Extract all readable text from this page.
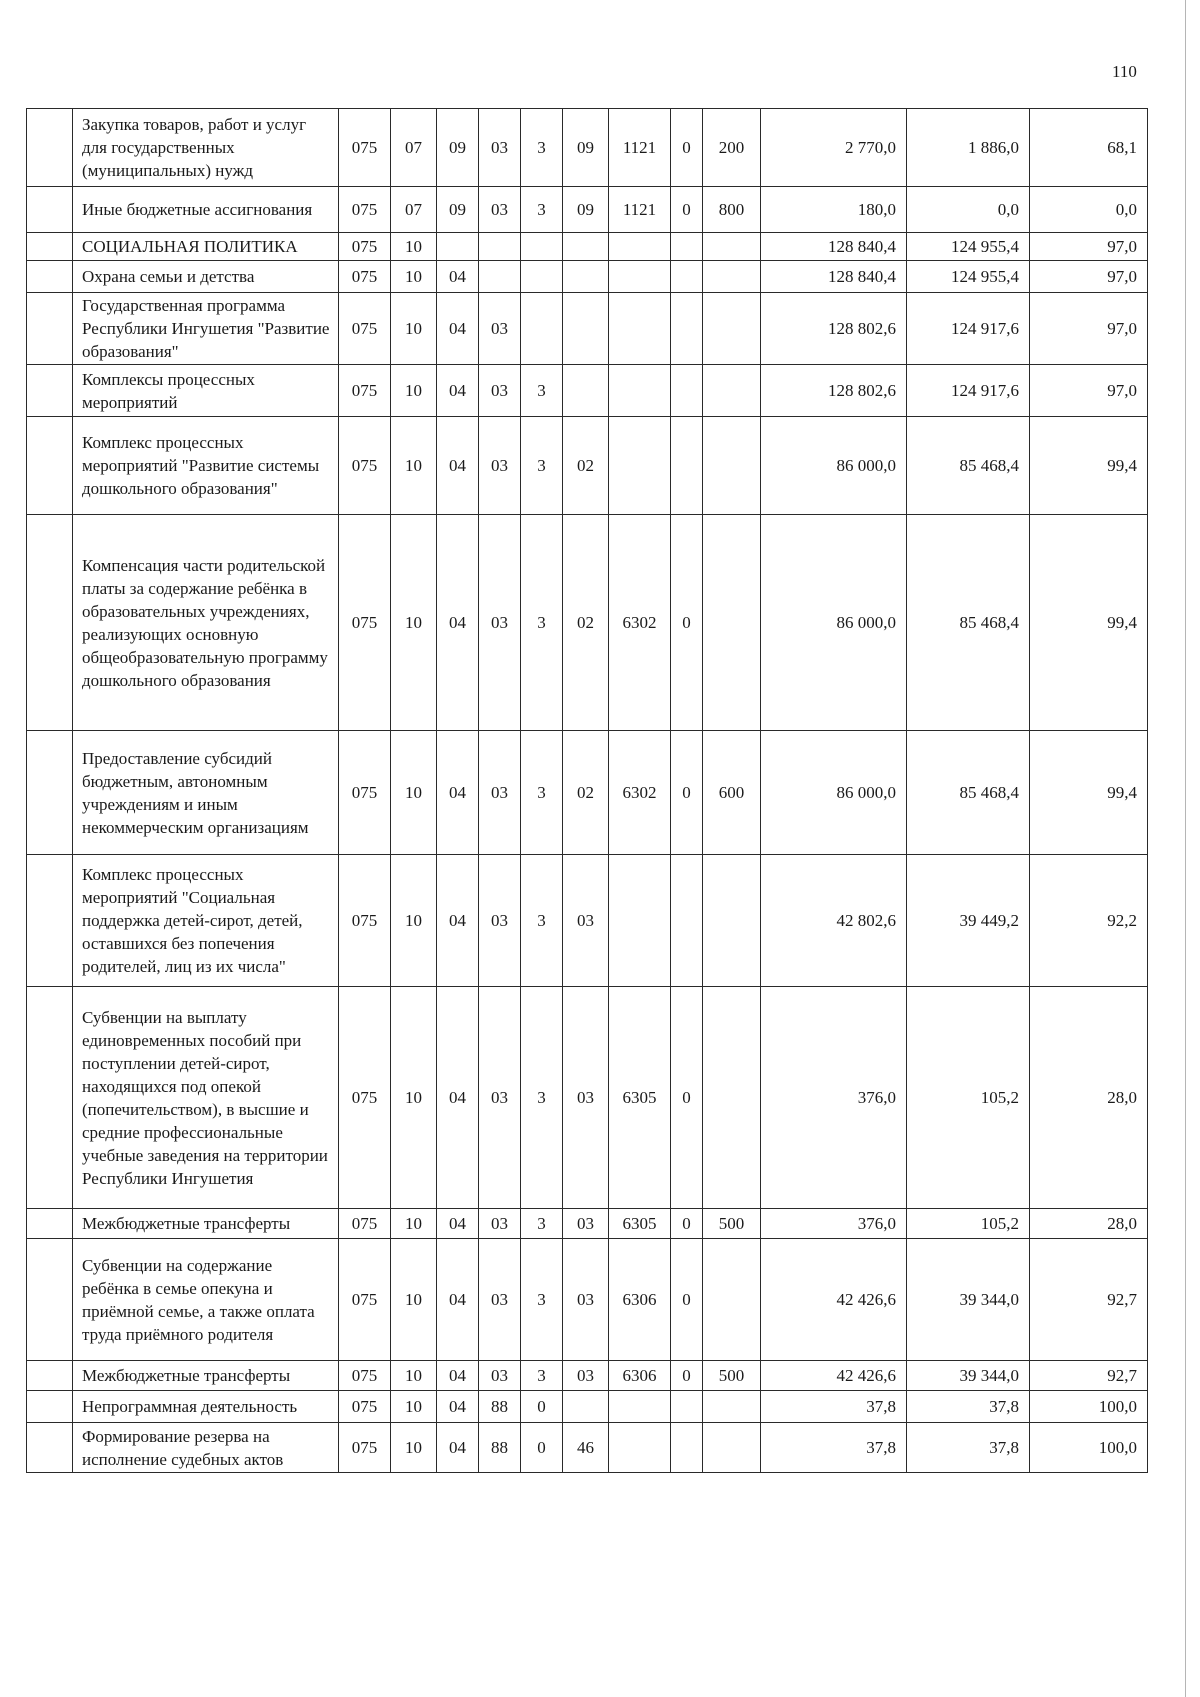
110
	Закупка товаров, работ и услуг для государственных (муниципальных) нужд	075	07	09	03	3	09	1121	0	200	2 770,0	1 886,0	68,1
	Иные бюджетные ассигнования	075	07	09	03	3	09	1121	0	800	180,0	0,0	0,0
	СОЦИАЛЬНАЯ ПОЛИТИКА	075	10								128 840,4	124 955,4	97,0
	Охрана семьи и детства	075	10	04							128 840,4	124 955,4	97,0
	Государственная программа Республики Ингушетия "Развитие образования"	075	10	04	03						128 802,6	124 917,6	97,0
	Комплексы процессных мероприятий	075	10	04	03	3					128 802,6	124 917,6	97,0
	Комплекс процессных мероприятий "Развитие системы дошкольного образования"	075	10	04	03	3	02				86 000,0	85 468,4	99,4
	Компенсация части родительской платы за содержание ребёнка в образовательных учреждениях, реализующих основную общеобразовательную программу дошкольного образования	075	10	04	03	3	02	6302	0		86 000,0	85 468,4	99,4
	Предоставление субсидий бюджетным, автономным учреждениям и иным некоммерческим организациям	075	10	04	03	3	02	6302	0	600	86 000,0	85 468,4	99,4
	Комплекс процессных мероприятий "Социальная поддержка детей-сирот, детей, оставшихся без попечения родителей, лиц из их числа"	075	10	04	03	3	03				42 802,6	39 449,2	92,2
	Субвенции на выплату единовременных пособий при поступлении детей-сирот, находящихся под опекой (попечительством), в высшие и средние профессиональные учебные заведения на территории Республики Ингушетия	075	10	04	03	3	03	6305	0		376,0	105,2	28,0
	Межбюджетные трансферты	075	10	04	03	3	03	6305	0	500	376,0	105,2	28,0
	Субвенции на содержание ребёнка в семье опекуна и приёмной семье, а также оплата труда приёмного родителя	075	10	04	03	3	03	6306	0		42 426,6	39 344,0	92,7
	Межбюджетные трансферты	075	10	04	03	3	03	6306	0	500	42 426,6	39 344,0	92,7
	Непрограммная деятельность	075	10	04	88	0					37,8	37,8	100,0
	Формирование резерва на исполнение судебных актов	075	10	04	88	0	46				37,8	37,8	100,0
